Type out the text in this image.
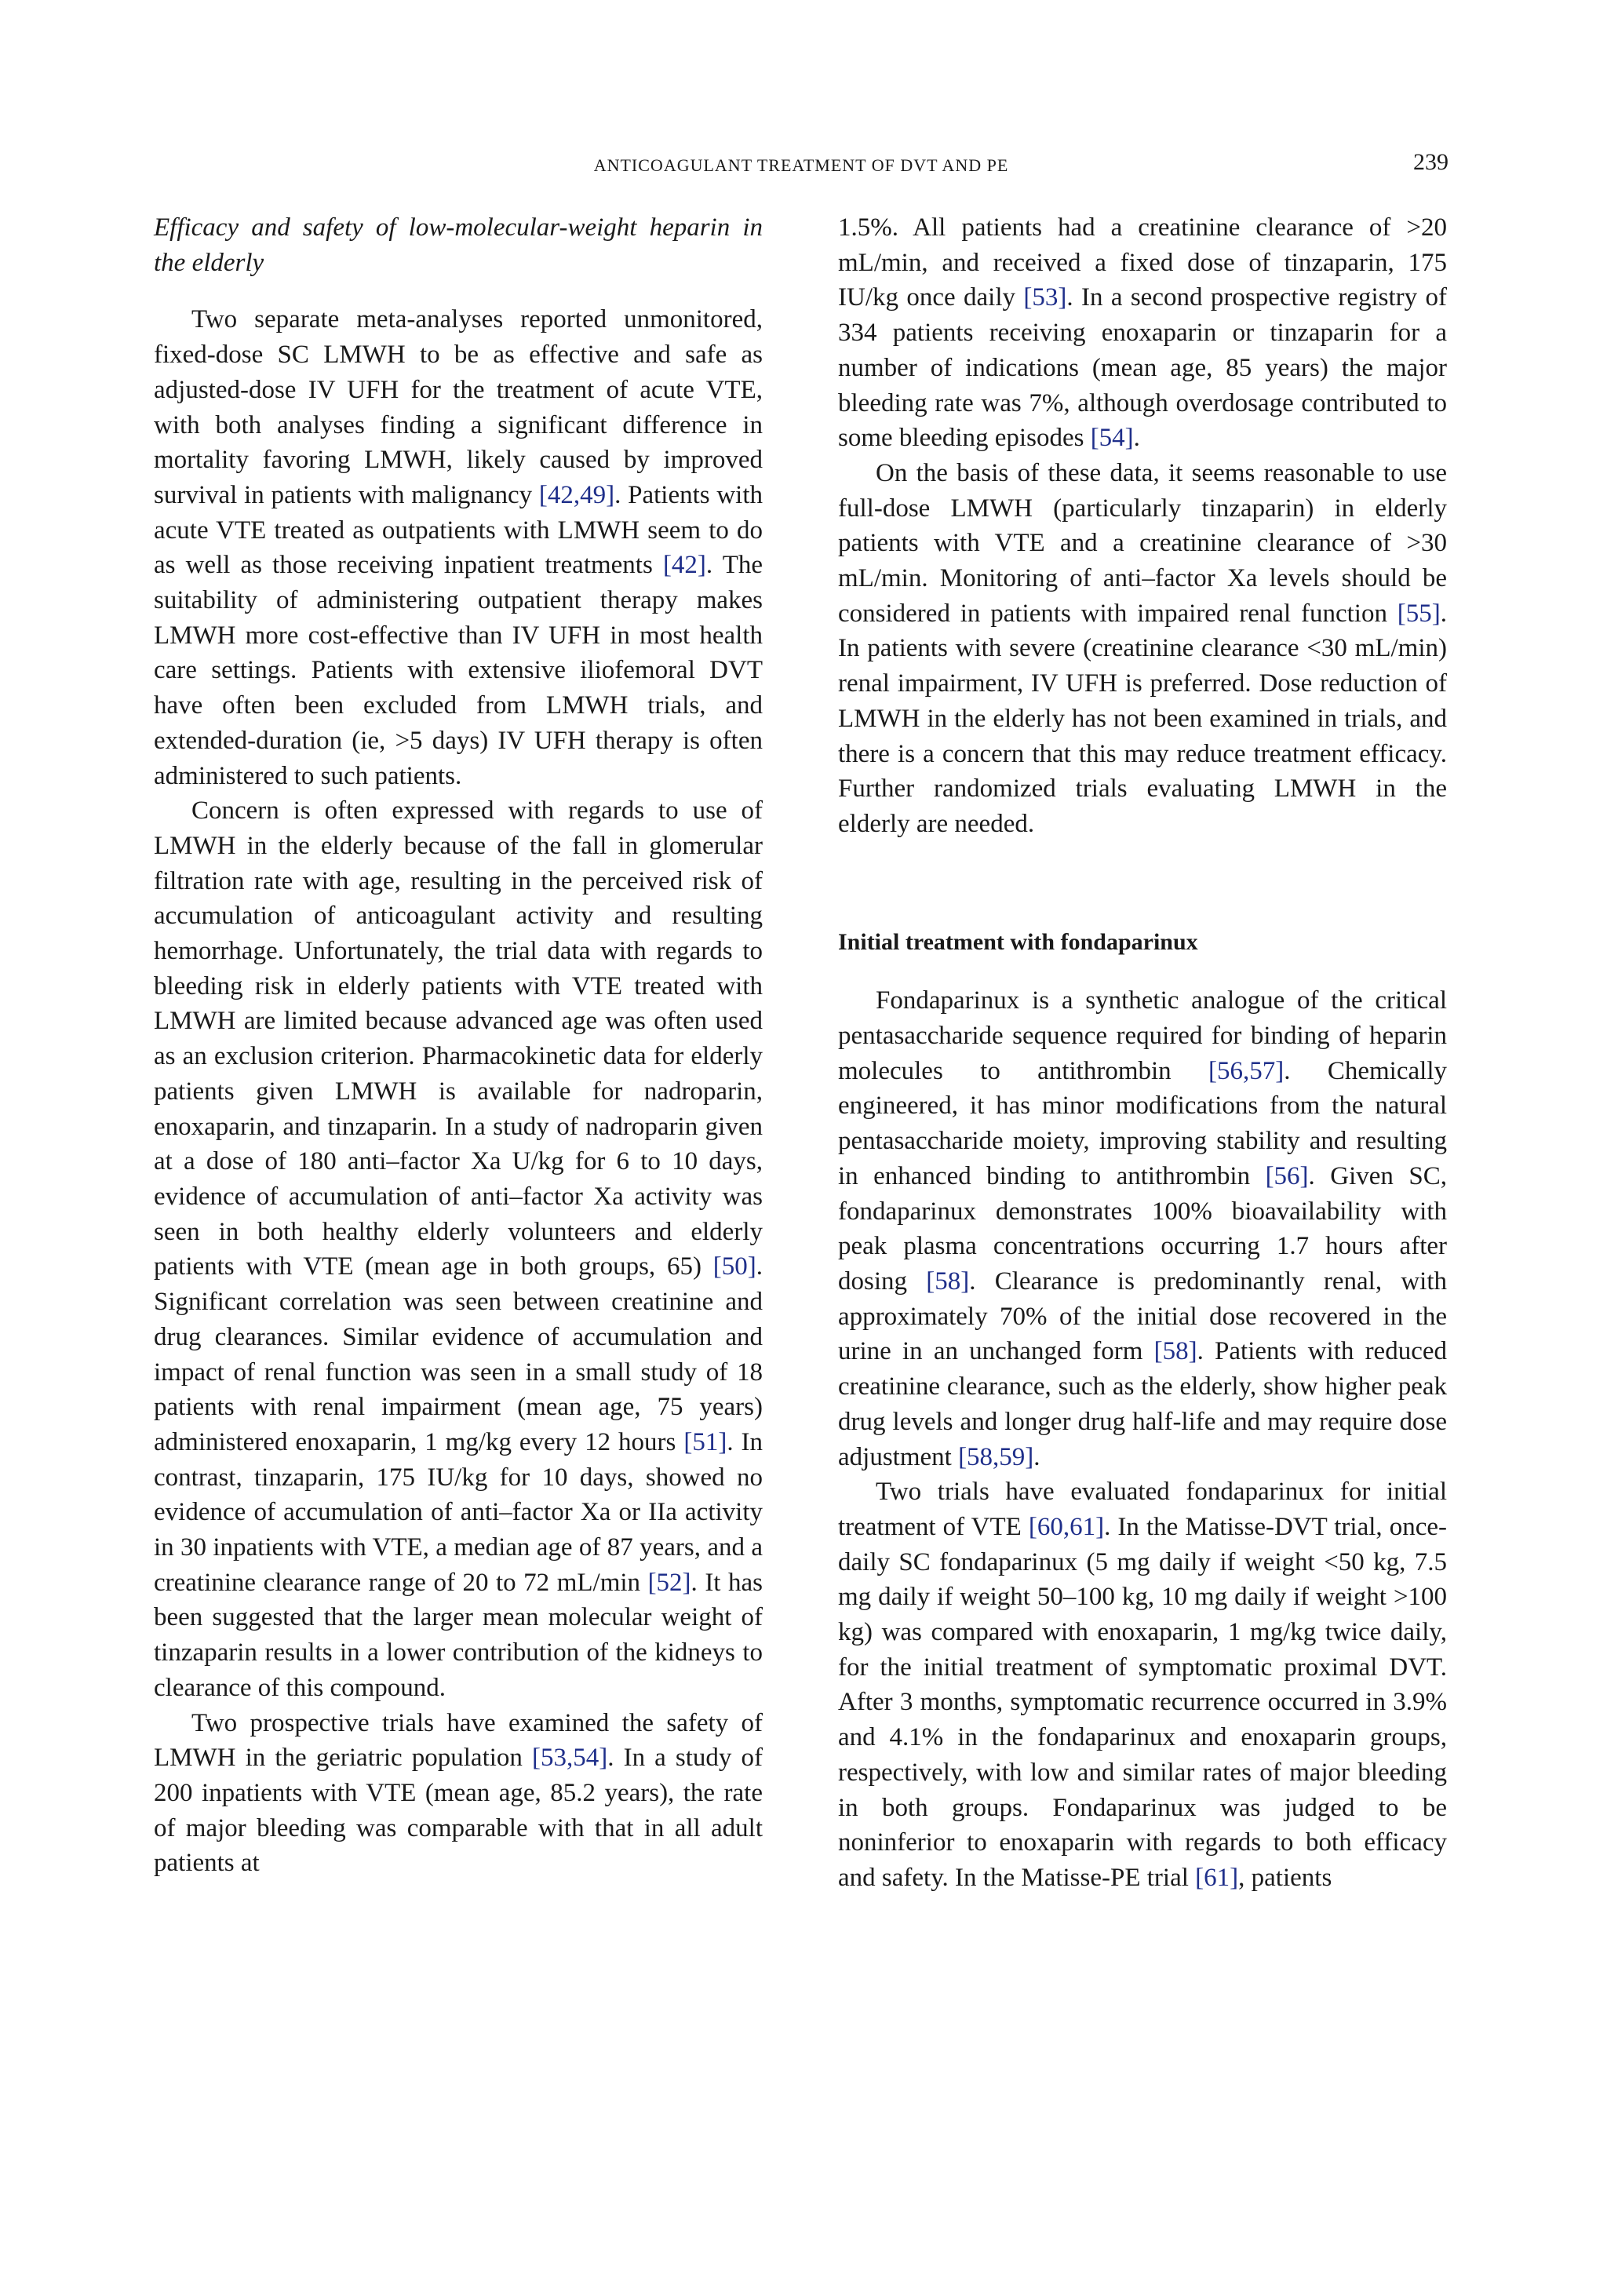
ANTICOAGULANT TREATMENT OF DVT AND PE	239

Efficacy and safety of low-molecular-weight heparin in the elderly

Two separate meta-analyses reported unmonitored, fixed-dose SC LMWH to be as effective and safe as adjusted-dose IV UFH for the treatment of acute VTE, with both analyses finding a significant difference in mortality favoring LMWH, likely caused by improved survival in patients with malignancy [42,49]. Patients with acute VTE treated as outpatients with LMWH seem to do as well as those receiving inpatient treatments [42]. The suitability of administering outpatient therapy makes LMWH more cost-effective than IV UFH in most health care settings. Patients with extensive iliofemoral DVT have often been excluded from LMWH trials, and extended-duration (ie, >5 days) IV UFH therapy is often administered to such patients.

Concern is often expressed with regards to use of LMWH in the elderly because of the fall in glomerular filtration rate with age, resulting in the perceived risk of accumulation of anticoagulant activity and resulting hemorrhage. Unfortunately, the trial data with regards to bleeding risk in elderly patients with VTE treated with LMWH are limited because advanced age was often used as an exclusion criterion. Pharmacokinetic data for elderly patients given LMWH is available for nadroparin, enoxaparin, and tinzaparin. In a study of nadroparin given at a dose of 180 anti–factor Xa U/kg for 6 to 10 days, evidence of accumulation of anti–factor Xa activity was seen in both healthy elderly volunteers and elderly patients with VTE (mean age in both groups, 65) [50]. Significant correlation was seen between creatinine and drug clearances. Similar evidence of accumulation and impact of renal function was seen in a small study of 18 patients with renal impairment (mean age, 75 years) administered enoxaparin, 1 mg/kg every 12 hours [51]. In contrast, tinzaparin, 175 IU/kg for 10 days, showed no evidence of accumulation of anti–factor Xa or IIa activity in 30 inpatients with VTE, a median age of 87 years, and a creatinine clearance range of 20 to 72 mL/min [52]. It has been suggested that the larger mean molecular weight of tinzaparin results in a lower contribution of the kidneys to clearance of this compound.

Two prospective trials have examined the safety of LMWH in the geriatric population [53,54]. In a study of 200 inpatients with VTE (mean age, 85.2 years), the rate of major bleeding was comparable with that in all adult patients at

1.5%. All patients had a creatinine clearance of >20 mL/min, and received a fixed dose of tinzaparin, 175 IU/kg once daily [53]. In a second prospective registry of 334 patients receiving enoxaparin or tinzaparin for a number of indications (mean age, 85 years) the major bleeding rate was 7%, although overdosage contributed to some bleeding episodes [54].

On the basis of these data, it seems reasonable to use full-dose LMWH (particularly tinzaparin) in elderly patients with VTE and a creatinine clearance of >30 mL/min. Monitoring of anti–factor Xa levels should be considered in patients with impaired renal function [55]. In patients with severe (creatinine clearance <30 mL/min) renal impairment, IV UFH is preferred. Dose reduction of LMWH in the elderly has not been examined in trials, and there is a concern that this may reduce treatment efficacy. Further randomized trials evaluating LMWH in the elderly are needed.

Initial treatment with fondaparinux

Fondaparinux is a synthetic analogue of the critical pentasaccharide sequence required for binding of heparin molecules to antithrombin [56,57]. Chemically engineered, it has minor modifications from the natural pentasaccharide moiety, improving stability and resulting in enhanced binding to antithrombin [56]. Given SC, fondaparinux demonstrates 100% bioavailability with peak plasma concentrations occurring 1.7 hours after dosing [58]. Clearance is predominantly renal, with approximately 70% of the initial dose recovered in the urine in an unchanged form [58]. Patients with reduced creatinine clearance, such as the elderly, show higher peak drug levels and longer drug half-life and may require dose adjustment [58,59].

Two trials have evaluated fondaparinux for initial treatment of VTE [60,61]. In the Matisse-DVT trial, once-daily SC fondaparinux (5 mg daily if weight <50 kg, 7.5 mg daily if weight 50–100 kg, 10 mg daily if weight >100 kg) was compared with enoxaparin, 1 mg/kg twice daily, for the initial treatment of symptomatic proximal DVT. After 3 months, symptomatic recurrence occurred in 3.9% and 4.1% in the fondaparinux and enoxaparin groups, respectively, with low and similar rates of major bleeding in both groups. Fondaparinux was judged to be noninferior to enoxaparin with regards to both efficacy and safety. In the Matisse-PE trial [61], patients
